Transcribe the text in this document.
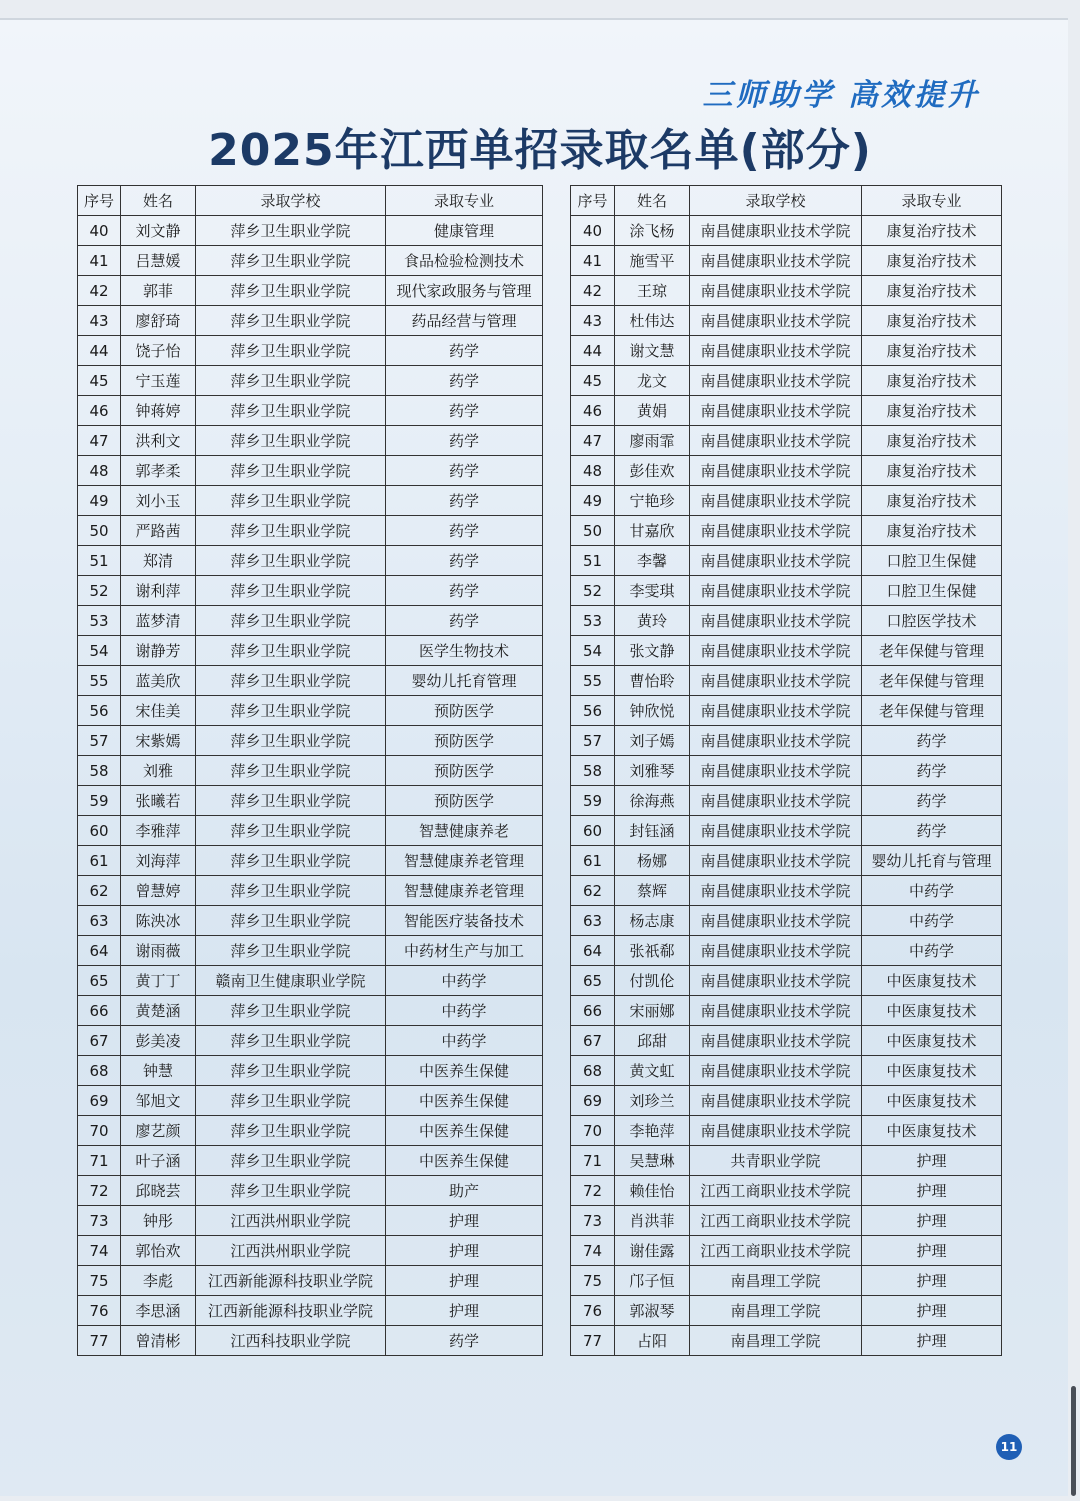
三师助学 高效提升
2025年江西单招录取名单(部分)
序号	姓名	录取学校	录取专业
40	刘文静	萍乡卫生职业学院	健康管理
41	吕慧媛	萍乡卫生职业学院	食品检验检测技术
42	郭菲	萍乡卫生职业学院	现代家政服务与管理
43	廖舒琦	萍乡卫生职业学院	药品经营与管理
44	饶子怡	萍乡卫生职业学院	药学
45	宁玉莲	萍乡卫生职业学院	药学
46	钟蒋婷	萍乡卫生职业学院	药学
47	洪利文	萍乡卫生职业学院	药学
48	郭孝柔	萍乡卫生职业学院	药学
49	刘小玉	萍乡卫生职业学院	药学
50	严路茜	萍乡卫生职业学院	药学
51	郑清	萍乡卫生职业学院	药学
52	谢利萍	萍乡卫生职业学院	药学
53	蓝梦清	萍乡卫生职业学院	药学
54	谢静芳	萍乡卫生职业学院	医学生物技术
55	蓝美欣	萍乡卫生职业学院	婴幼儿托育管理
56	宋佳美	萍乡卫生职业学院	预防医学
57	宋紫嫣	萍乡卫生职业学院	预防医学
58	刘雅	萍乡卫生职业学院	预防医学
59	张曦若	萍乡卫生职业学院	预防医学
60	李雅萍	萍乡卫生职业学院	智慧健康养老
61	刘海萍	萍乡卫生职业学院	智慧健康养老管理
62	曾慧婷	萍乡卫生职业学院	智慧健康养老管理
63	陈泱冰	萍乡卫生职业学院	智能医疗装备技术
64	谢雨薇	萍乡卫生职业学院	中药材生产与加工
65	黄丁丁	赣南卫生健康职业学院	中药学
66	黄楚涵	萍乡卫生职业学院	中药学
67	彭美凌	萍乡卫生职业学院	中药学
68	钟慧	萍乡卫生职业学院	中医养生保健
69	邹旭文	萍乡卫生职业学院	中医养生保健
70	廖艺颜	萍乡卫生职业学院	中医养生保健
71	叶子涵	萍乡卫生职业学院	中医养生保健
72	邱晓芸	萍乡卫生职业学院	助产
73	钟彤	江西洪州职业学院	护理
74	郭怡欢	江西洪州职业学院	护理
75	李彪	江西新能源科技职业学院	护理
76	李思涵	江西新能源科技职业学院	护理
77	曾清彬	江西科技职业学院	药学
序号	姓名	录取学校	录取专业
40	涂飞杨	南昌健康职业技术学院	康复治疗技术
41	施雪平	南昌健康职业技术学院	康复治疗技术
42	王琼	南昌健康职业技术学院	康复治疗技术
43	杜伟达	南昌健康职业技术学院	康复治疗技术
44	谢文慧	南昌健康职业技术学院	康复治疗技术
45	龙文	南昌健康职业技术学院	康复治疗技术
46	黄娟	南昌健康职业技术学院	康复治疗技术
47	廖雨霏	南昌健康职业技术学院	康复治疗技术
48	彭佳欢	南昌健康职业技术学院	康复治疗技术
49	宁艳珍	南昌健康职业技术学院	康复治疗技术
50	甘嘉欣	南昌健康职业技术学院	康复治疗技术
51	李馨	南昌健康职业技术学院	口腔卫生保健
52	李雯琪	南昌健康职业技术学院	口腔卫生保健
53	黄玲	南昌健康职业技术学院	口腔医学技术
54	张文静	南昌健康职业技术学院	老年保健与管理
55	曹怡聆	南昌健康职业技术学院	老年保健与管理
56	钟欣悦	南昌健康职业技术学院	老年保健与管理
57	刘子嫣	南昌健康职业技术学院	药学
58	刘雅琴	南昌健康职业技术学院	药学
59	徐海燕	南昌健康职业技术学院	药学
60	封钰涵	南昌健康职业技术学院	药学
61	杨娜	南昌健康职业技术学院	婴幼儿托育与管理
62	蔡辉	南昌健康职业技术学院	中药学
63	杨志康	南昌健康职业技术学院	中药学
64	张祇郗	南昌健康职业技术学院	中药学
65	付凯伦	南昌健康职业技术学院	中医康复技术
66	宋丽娜	南昌健康职业技术学院	中医康复技术
67	邱甜	南昌健康职业技术学院	中医康复技术
68	黄文虹	南昌健康职业技术学院	中医康复技术
69	刘珍兰	南昌健康职业技术学院	中医康复技术
70	李艳萍	南昌健康职业技术学院	中医康复技术
71	吴慧琳	共青职业学院	护理
72	赖佳怡	江西工商职业技术学院	护理
73	肖洪菲	江西工商职业技术学院	护理
74	谢佳露	江西工商职业技术学院	护理
75	邝子恒	南昌理工学院	护理
76	郭淑琴	南昌理工学院	护理
77	占阳	南昌理工学院	护理
11
